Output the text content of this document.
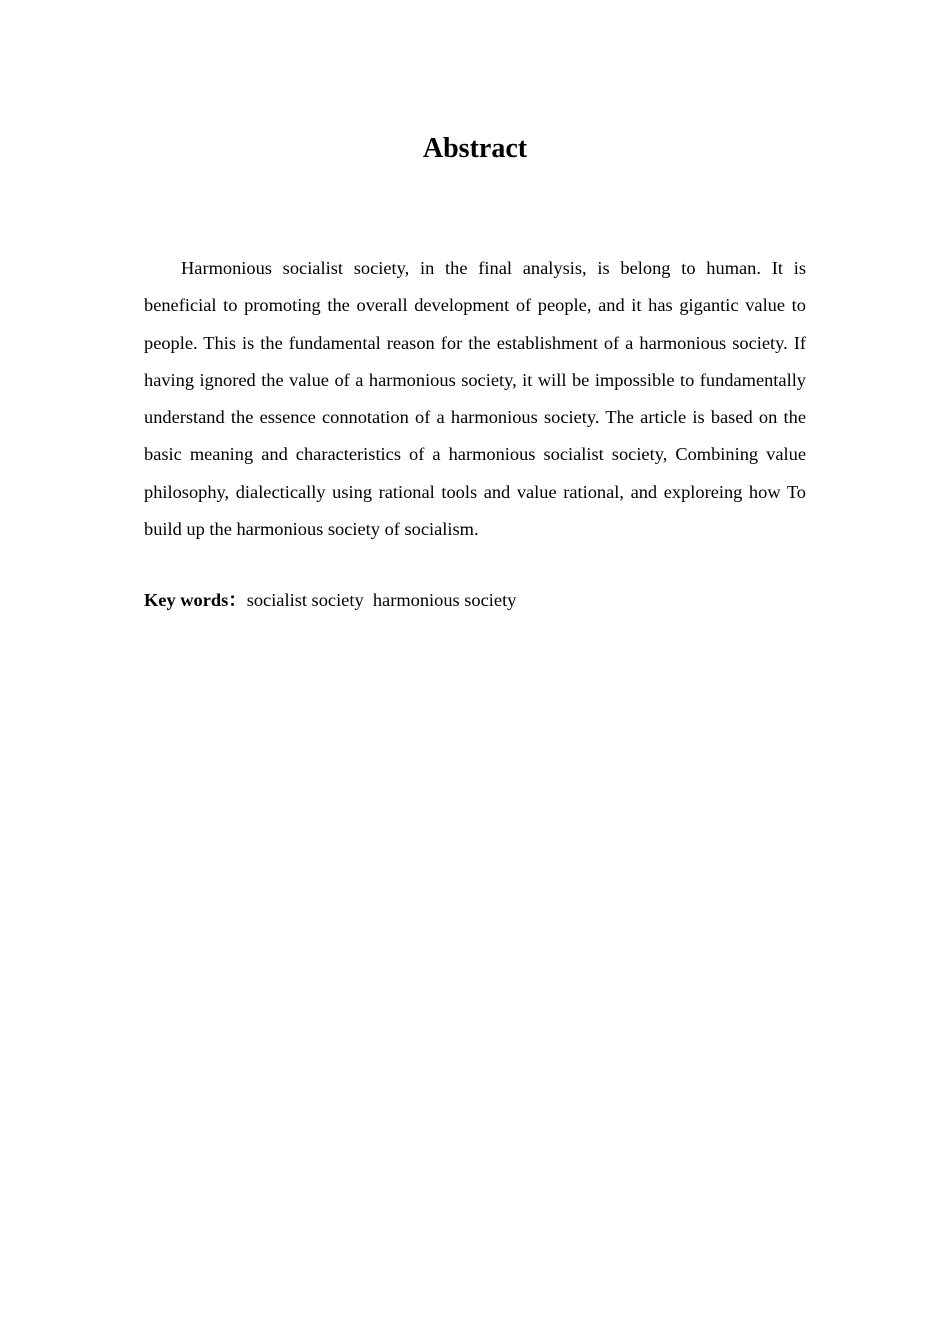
Abstract

Harmonious socialist society, in the final analysis, is belong to human. It is beneficial to promoting the overall development of people, and it has gigantic value to people. This is the fundamental reason for the establishment of a harmonious society. If having ignored the value of a harmonious society, it will be impossible to fundamentally understand the essence connotation of a harmonious society. The article is based on the basic meaning and characteristics of a harmonious socialist society, Combining value philosophy, dialectically using rational tools and value rational, and exploreing how To build up the harmonious society of socialism.

Key words：socialist society  harmonious society
